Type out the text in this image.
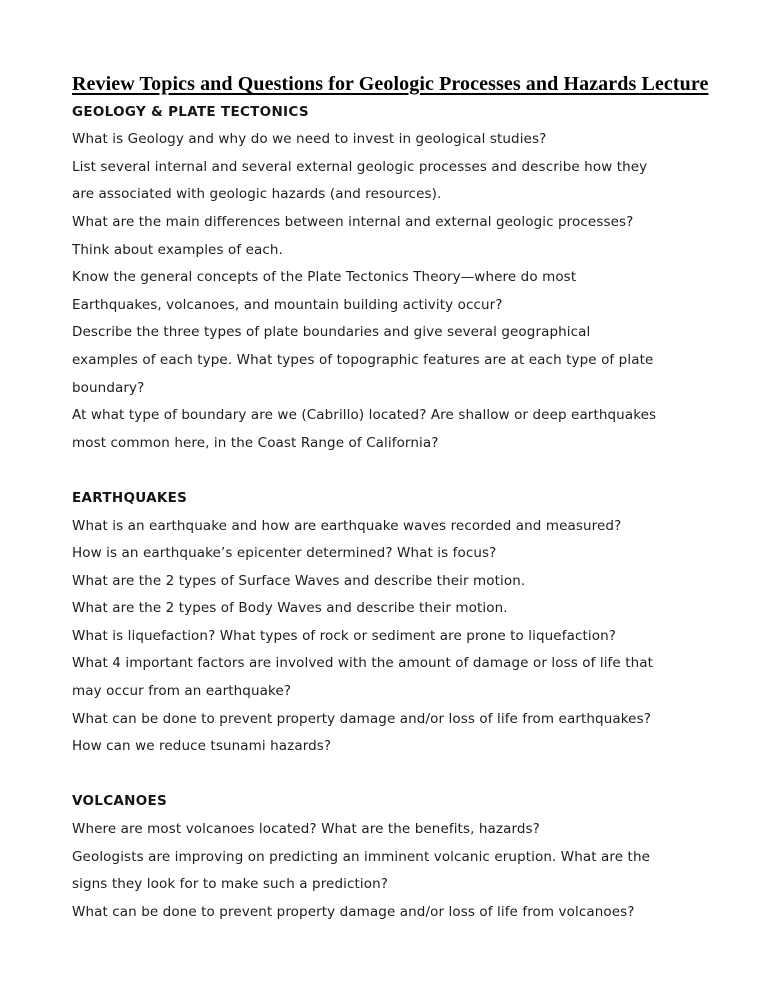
Review Topics and Questions for Geologic Processes and Hazards Lecture
GEOLOGY & PLATE TECTONICS
What is Geology and why do we need to invest in geological studies?
List several internal and several external geologic processes and describe how they
are associated with geologic hazards (and resources).
What are the main differences between internal and external geologic processes?
Think about examples of each.
Know the general concepts of the Plate Tectonics Theory—where do most
Earthquakes, volcanoes, and mountain building activity occur?
Describe the three types of plate boundaries and give several geographical
examples of each type. What types of topographic features are at each type of plate
boundary?
At what type of boundary are we (Cabrillo) located? Are shallow or deep earthquakes
most common here, in the Coast Range of California?
EARTHQUAKES
What is an earthquake and how are earthquake waves recorded and measured?
How is an earthquake’s epicenter determined? What is focus?
What are the 2 types of Surface Waves and describe their motion.
What are the 2 types of Body Waves and describe their motion.
What is liquefaction? What types of rock or sediment are prone to liquefaction?
What 4 important factors are involved with the amount of damage or loss of life that
may occur from an earthquake?
What can be done to prevent property damage and/or loss of life from earthquakes?
How can we reduce tsunami hazards?
VOLCANOES
Where are most volcanoes located? What are the benefits, hazards?
Geologists are improving on predicting an imminent volcanic eruption. What are the
signs they look for to make such a prediction?
What can be done to prevent property damage and/or loss of life from volcanoes?
